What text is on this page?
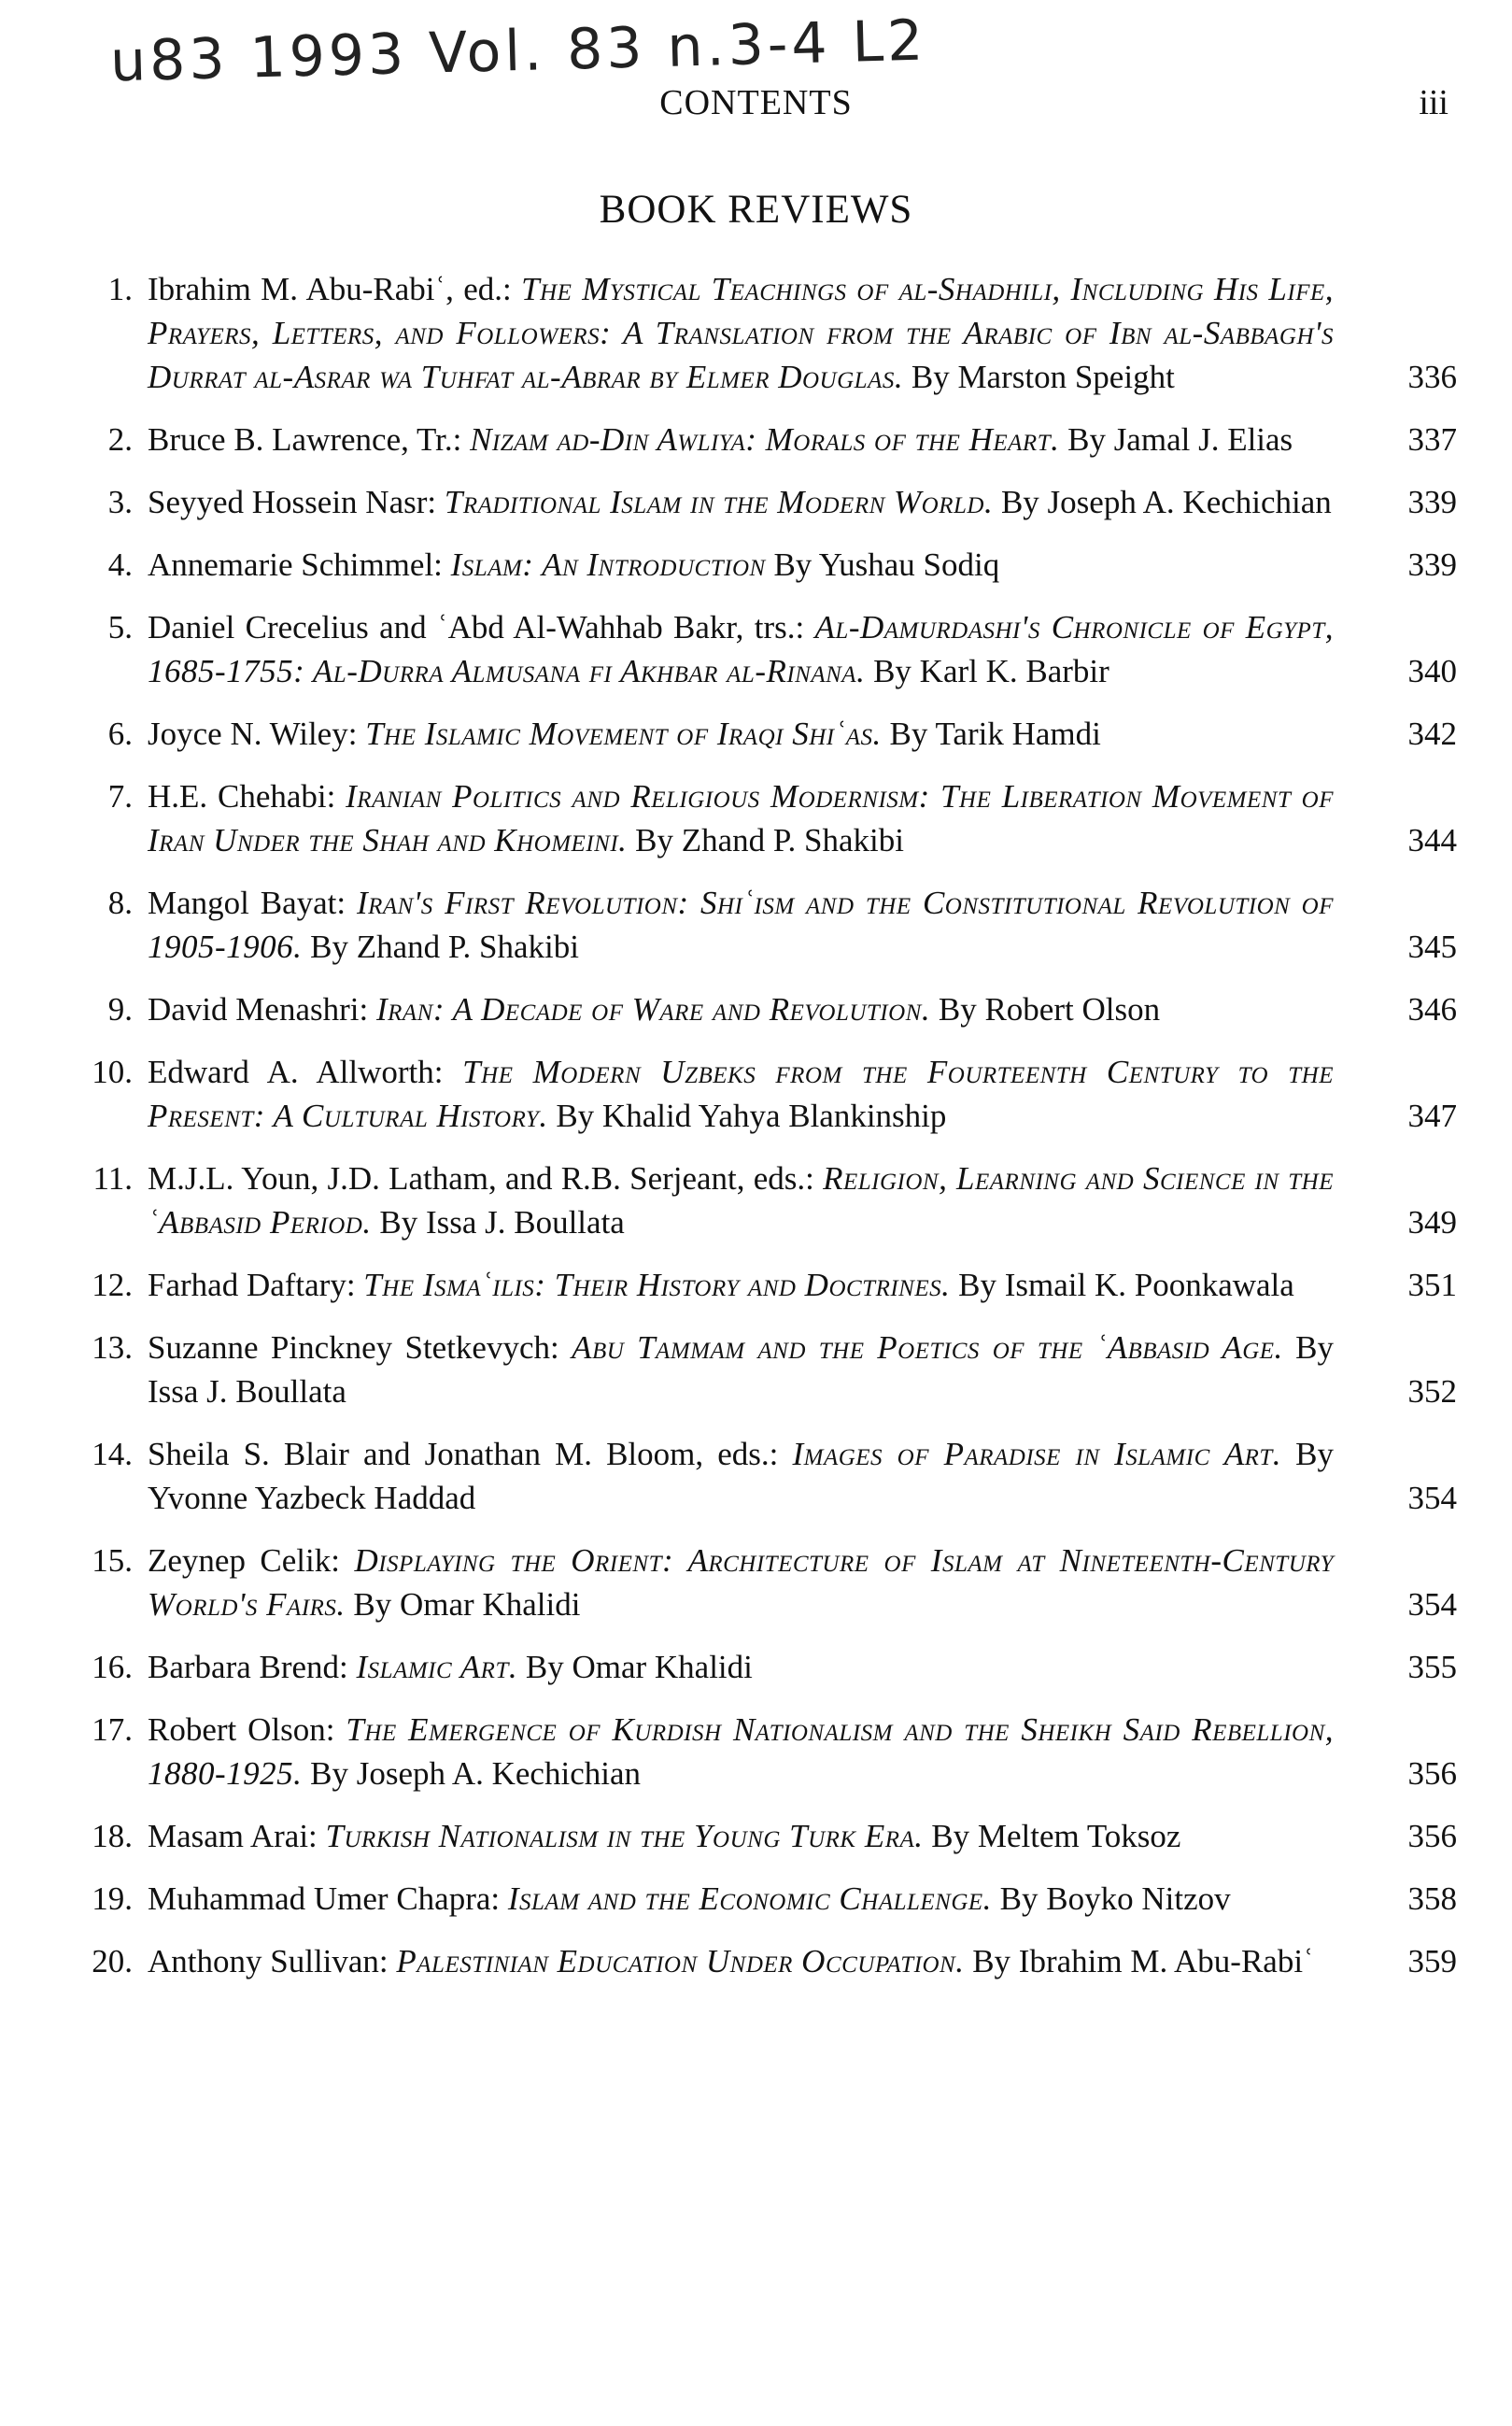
u83 1993 Vol. 83 n.3-4 L2
CONTENTS	iii
BOOK REVIEWS
1. Ibrahim M. Abu-Rabiʿ, ed.: The Mystical Teachings of al-Shadhili, Including His Life, Prayers, Letters, and Followers: A Translation from the Arabic of Ibn al-Sabbagh's Durrat al-Asrar wa Tuhfat al-Abrar by Elmer Douglas. By Marston Speight	336
2. Bruce B. Lawrence, Tr.: Nizam ad-Din Awliya: Morals of the Heart. By Jamal J. Elias	337
3. Seyyed Hossein Nasr: Traditional Islam in the Modern World. By Joseph A. Kechichian	339
4. Annemarie Schimmel: Islam: An Introduction By Yushau Sodiq	339
5. Daniel Crecelius and ʿAbd Al-Wahhab Bakr, trs.: Al-Damurdashi's Chronicle of Egypt, 1685-1755: Al-Durra Almusana fi Akhbar al-Rinana. By Karl K. Barbir	340
6. Joyce N. Wiley: The Islamic Movement of Iraqi Shiʿas. By Tarik Hamdi	342
7. H.E. Chehabi: Iranian Politics and Religious Modernism: The Liberation Movement of Iran Under the Shah and Khomeini. By Zhand P. Shakibi	344
8. Mangol Bayat: Iran's First Revolution: Shiʿism and the Constitutional Revolution of 1905-1906. By Zhand P. Shakibi	345
9. David Menashri: Iran: A Decade of Ware and Revolution. By Robert Olson	346
10. Edward A. Allworth: The Modern Uzbeks from the Fourteenth Century to the Present: A Cultural History. By Khalid Yahya Blankinship	347
11. M.J.L. Youn, J.D. Latham, and R.B. Serjeant, eds.: Religion, Learning and Science in the ʿAbbasid Period. By Issa J. Boullata	349
12. Farhad Daftary: The Ismaʿilis: Their History and Doctrines. By Ismail K. Poonkawala	351
13. Suzanne Pinckney Stetkevych: Abu Tammam and the Poetics of the ʿAbbasid Age. By Issa J. Boullata	352
14. Sheila S. Blair and Jonathan M. Bloom, eds.: Images of Paradise in Islamic Art. By Yvonne Yazbeck Haddad	354
15. Zeynep Celik: Displaying the Orient: Architecture of Islam at Nineteenth-Century World's Fairs. By Omar Khalidi	354
16. Barbara Brend: Islamic Art. By Omar Khalidi	355
17. Robert Olson: The Emergence of Kurdish Nationalism and the Sheikh Said Rebellion, 1880-1925. By Joseph A. Kechichian	356
18. Masam Arai: Turkish Nationalism in the Young Turk Era. By Meltem Toksoz	356
19. Muhammad Umer Chapra: Islam and the Economic Challenge. By Boyko Nitzov	358
20. Anthony Sullivan: Palestinian Education Under Occupation. By Ibrahim M. Abu-Rabiʿ	359
